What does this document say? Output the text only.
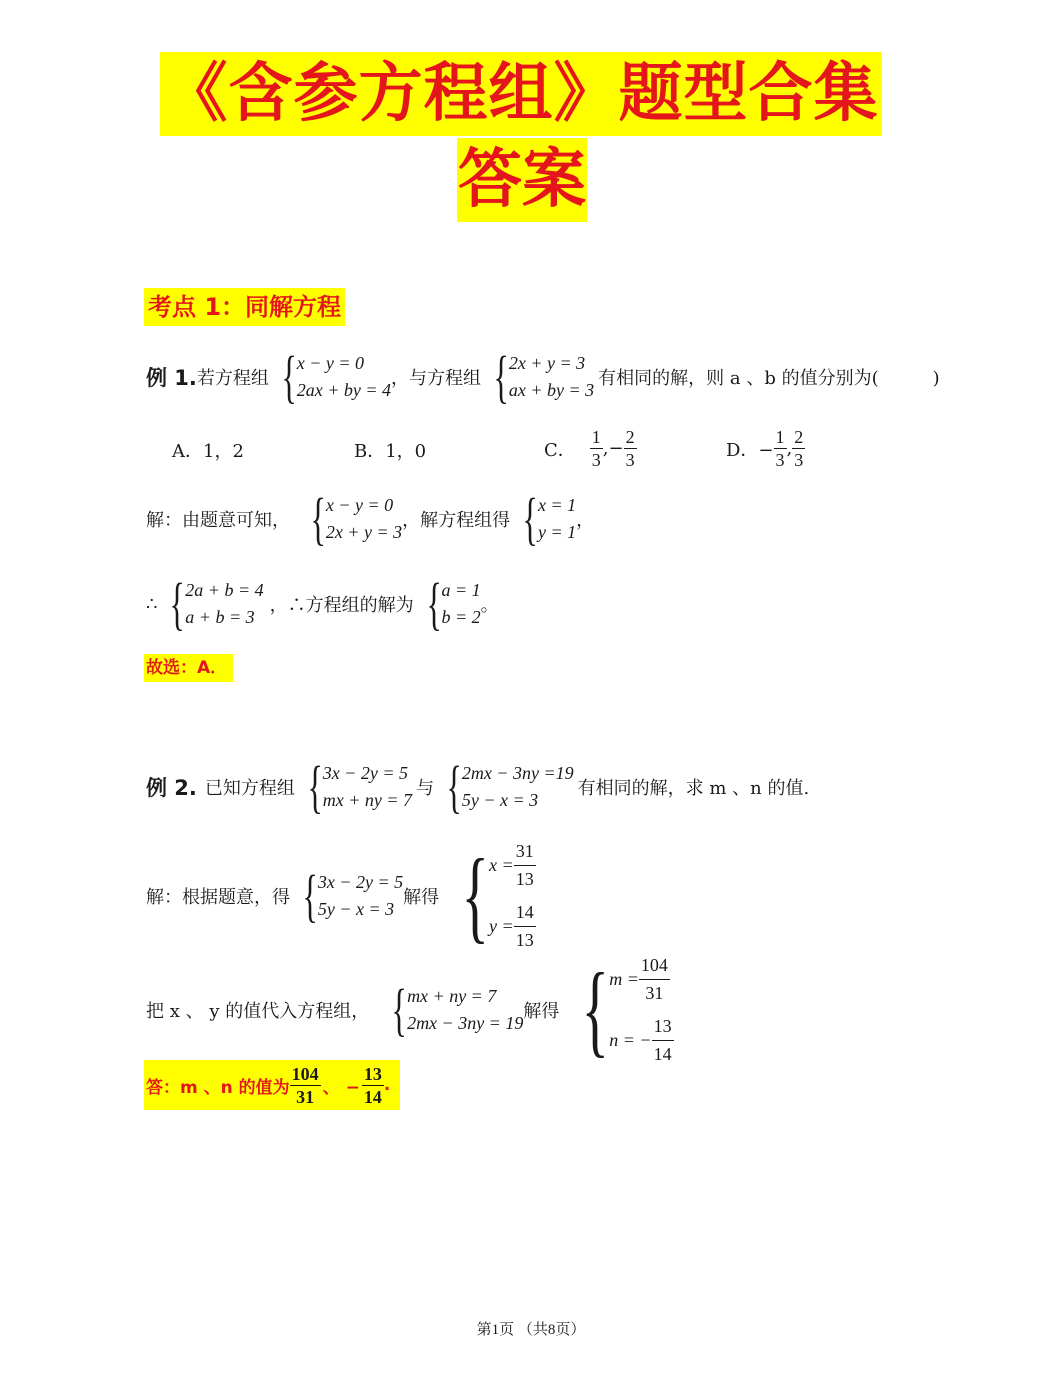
《含参方程组》题型合集
答案
考点 1：同解方程
例 1. 若方程组 { x − y = 0
2ax + by = 4
，与方程组 { 2x + y = 3
ax + by = 3
有相同的解，则 a 、b 的值分别为(　　　)
A．1，2	B．1，0	C． $\frac{1}{3}$ ,− $\frac{2}{3}$	D．− $\frac{1}{3}$ , $\frac{2}{3}$
解：由题意可知， { x − y = 0
2x + y = 3
，解方程组得 { x = 1
y = 1
，
∴ { 2a + b = 4
a + b = 3
，∴方程组的解为 { a = 1
b = 2
。
故选：A．
例 2. 已知方程组 { 3x − 2y = 5
mx + ny = 7
与 { 2mx − 3ny =19
5y − x = 3
有相同的解，求 m 、n 的值.
解：根据题意，得 { 3x − 2y = 5
5y − x = 3
解得 { $x = \frac{31}{13}$
$y = \frac{14}{13}$
把 x 、 y 的值代入方程组， { mx + ny = 7
2mx − 3ny = 19
解得 { $m = \frac{104}{31}$
n = − $\frac{13}{14}$
答：m 、n 的值为 $\frac{104}{31}$ 、 − $\frac{13}{14}$ .
第1页 （共8页）
